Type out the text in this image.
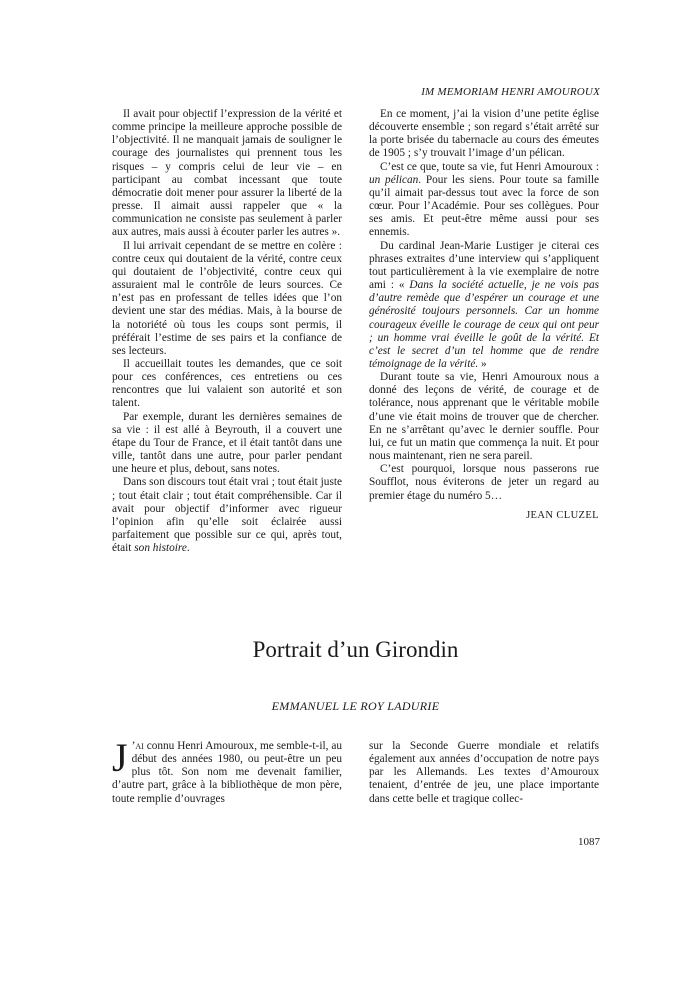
IM MEMORIAM HENRI AMOUROUX

Il avait pour objectif l’expression de la vérité et comme principe la meilleure approche possible de l’objectivité. Il ne manquait jamais de souligner le courage des journalistes qui prennent tous les risques – y compris celui de leur vie – en participant au combat incessant que toute démocratie doit mener pour assurer la liberté de la presse. Il aimait aussi rappeler que « la communication ne consiste pas seulement à parler aux autres, mais aussi à écouter parler les autres ».

Il lui arrivait cependant de se mettre en colère : contre ceux qui doutaient de la vérité, contre ceux qui doutaient de l’objectivité, contre ceux qui assuraient mal le contrôle de leurs sources. Ce n’est pas en professant de telles idées que l’on devient une star des médias. Mais, à la bourse de la notoriété où tous les coups sont permis, il préférait l’estime de ses pairs et la confiance de ses lecteurs.

Il accueillait toutes les demandes, que ce soit pour ces conférences, ces entretiens ou ces rencontres que lui valaient son autorité et son talent.

Par exemple, durant les dernières semaines de sa vie : il est allé à Beyrouth, il a couvert une étape du Tour de France, et il était tantôt dans une ville, tantôt dans une autre, pour parler pendant une heure et plus, debout, sans notes.

Dans son discours tout était vrai ; tout était juste ; tout était clair ; tout était compréhensible. Car il avait pour objectif d’informer avec rigueur l’opinion afin qu’elle soit éclairée aussi parfaitement que possible sur ce qui, après tout, était son histoire.

En ce moment, j’ai la vision d’une petite église découverte ensemble ; son regard s’était arrêté sur la porte brisée du tabernacle au cours des émeutes de 1905 ; s’y trouvait l’image d’un pélican.

C’est ce que, toute sa vie, fut Henri Amouroux : un pélican. Pour les siens. Pour toute sa famille qu’il aimait par-dessus tout avec la force de son cœur. Pour l’Académie. Pour ses collègues. Pour ses amis. Et peut-être même aussi pour ses ennemis.

Du cardinal Jean-Marie Lustiger je citerai ces phrases extraites d’une interview qui s’appliquent tout particulièrement à la vie exemplaire de notre ami : « Dans la société actuelle, je ne vois pas d’autre remède que d’espérer un courage et une générosité toujours personnels. Car un homme courageux éveille le courage de ceux qui ont peur ; un homme vrai éveille le goût de la vérité. Et c’est le secret d’un tel homme que de rendre témoignage de la vérité. »

Durant toute sa vie, Henri Amouroux nous a donné des leçons de vérité, de courage et de tolérance, nous apprenant que le véritable mobile d’une vie était moins de trouver que de chercher. En ne s’arrêtant qu’avec le dernier souffle. Pour lui, ce fut un matin que commença la nuit. Et pour nous maintenant, rien ne sera pareil.

C’est pourquoi, lorsque nous passerons rue Soufflot, nous éviterons de jeter un regard au premier étage du numéro 5…

JEAN CLUZEL

Portrait d’un Girondin
EMMANUEL LE ROY LADURIE

J ’ai connu Henri Amouroux, me semble-t-il, au début des années 1980, ou peut-être un peu plus tôt. Son nom me devenait familier, d’autre part, grâce à la bibliothèque de mon père, toute remplie d’ouvrages

sur la Seconde Guerre mondiale et relatifs également aux années d’occupation de notre pays par les Allemands. Les textes d’Amouroux tenaient, d’entrée de jeu, une place importante dans cette belle et tragique collec-

1087
